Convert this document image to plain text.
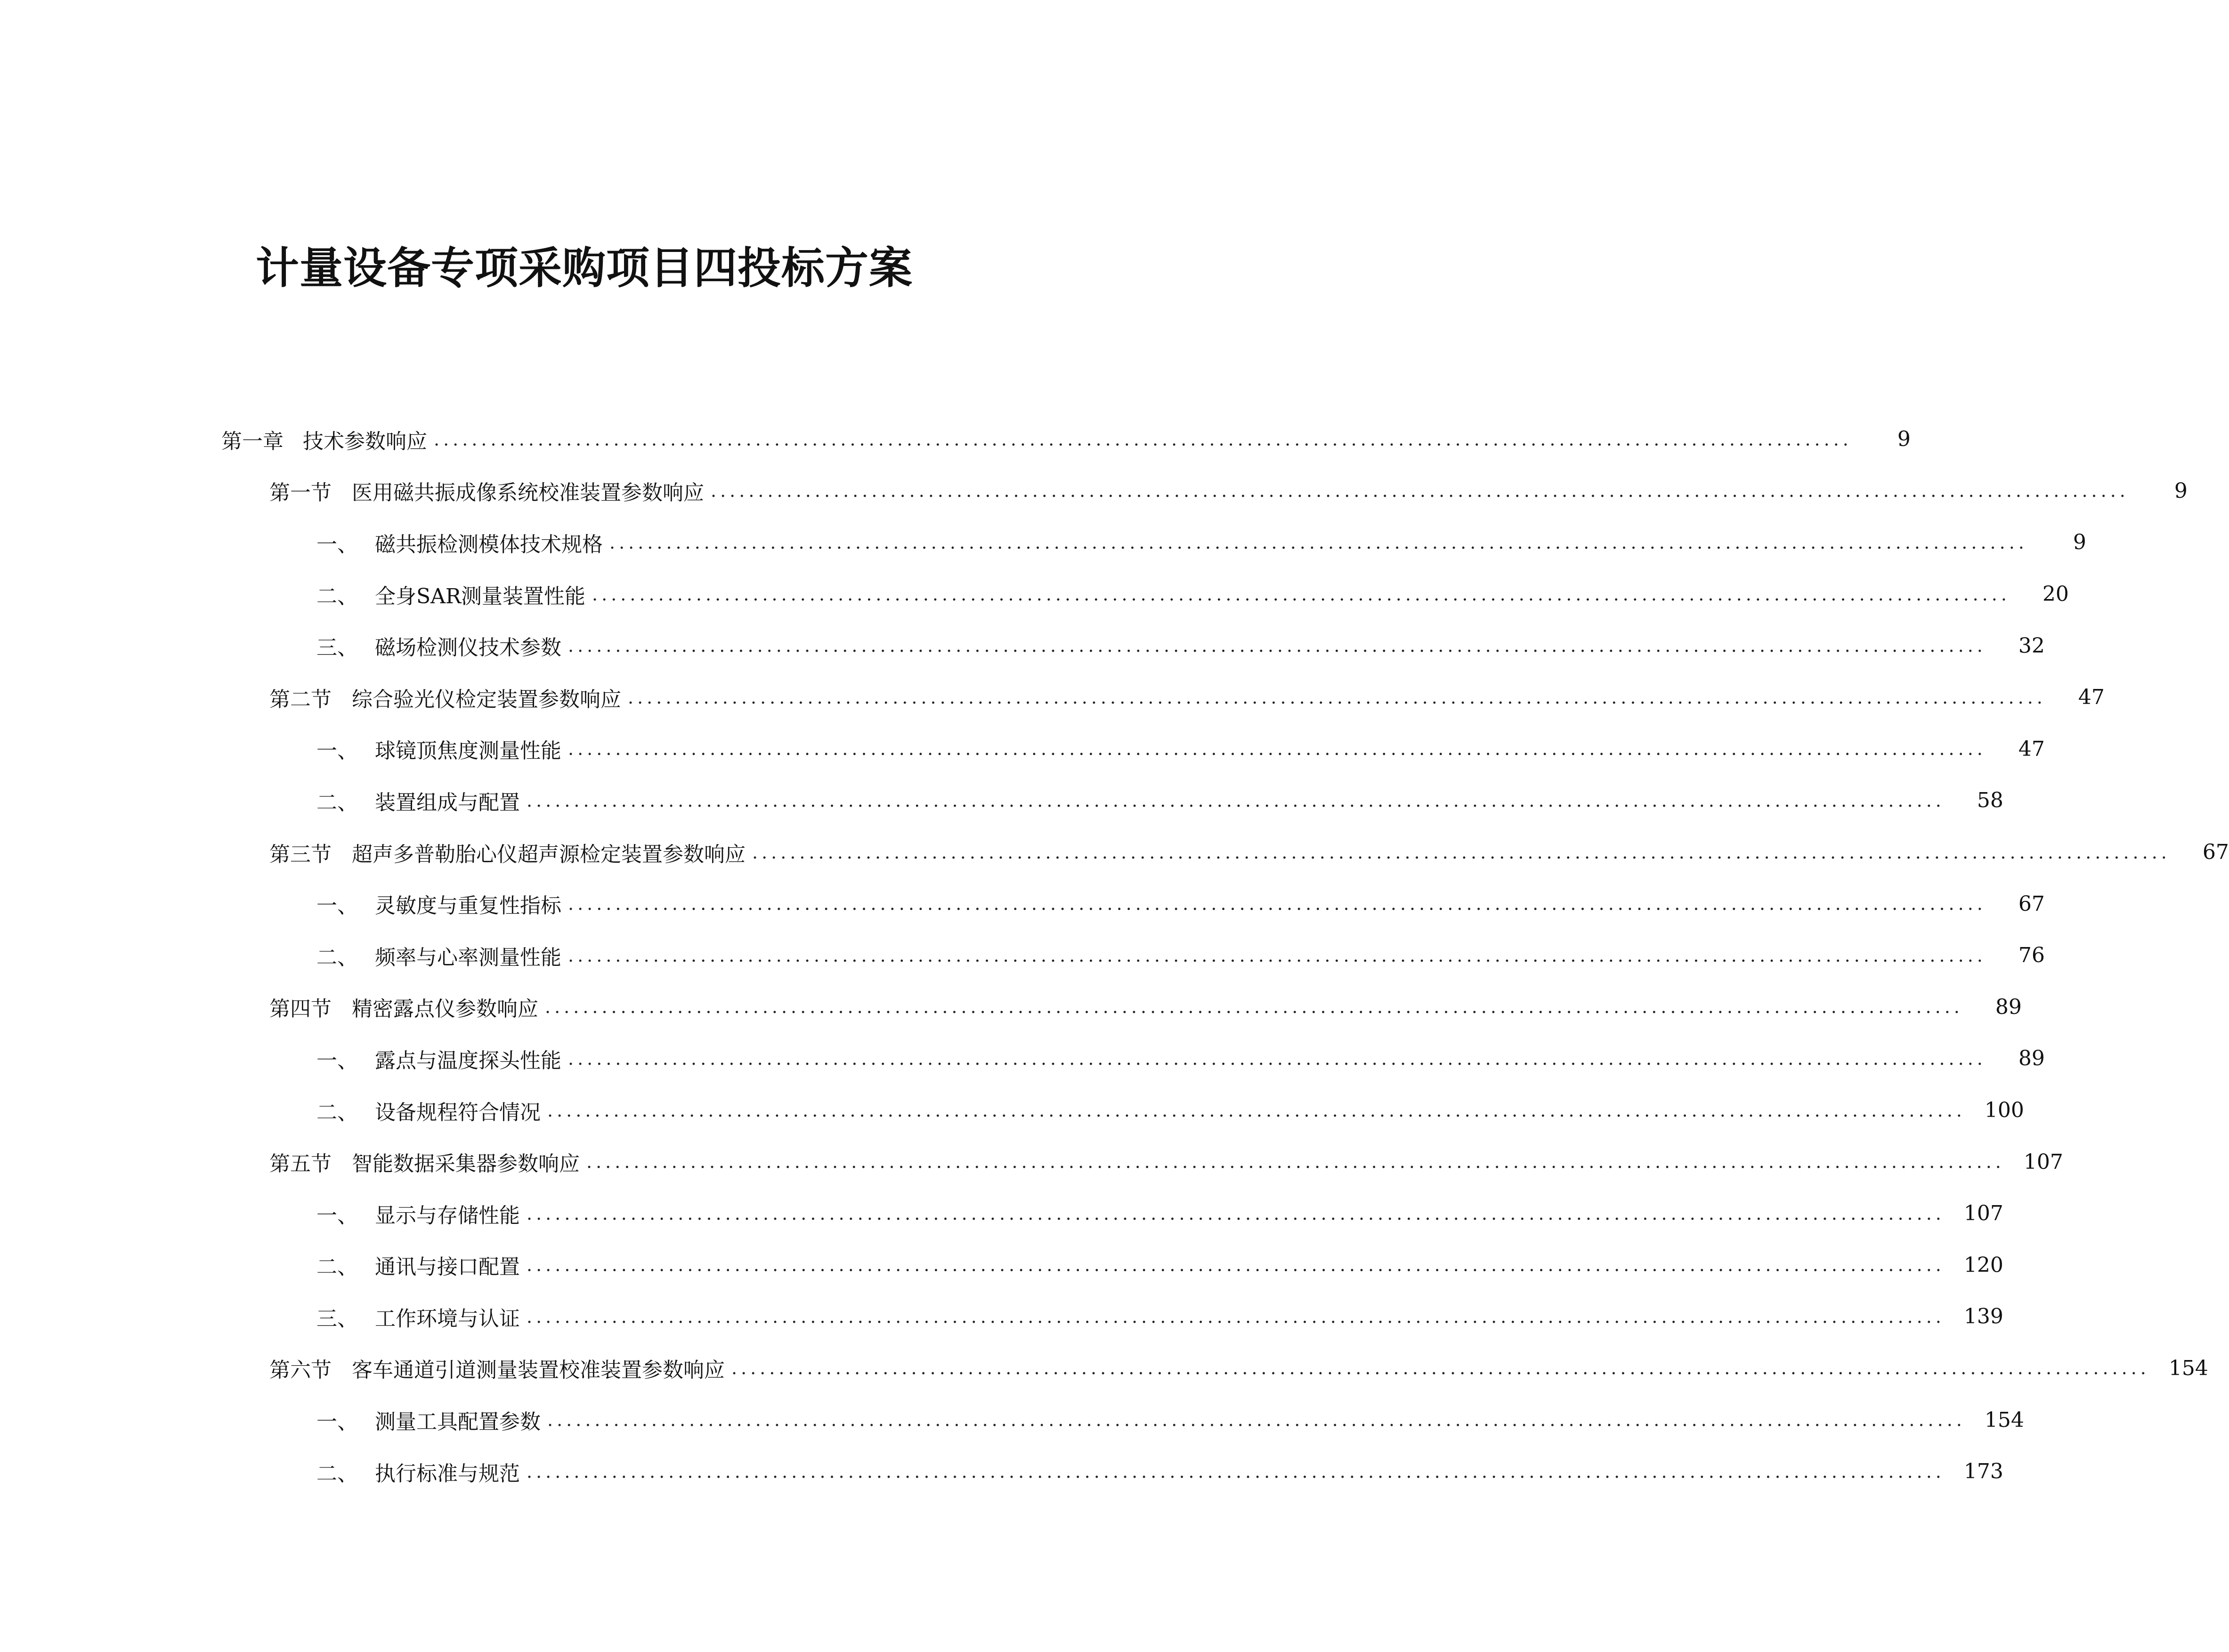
计量设备专项采购项目四投标方案
第一章 技术参数响应 ......................................................................................................................................................	9
第一节 医用磁共振成像系统校准装置参数响应 ......................................................................................................................................................	9
一、 磁共振检测模体技术规格 ......................................................................................................................................................	9
二、 全身SAR测量装置性能 ......................................................................................................................................................	20
三、 磁场检测仪技术参数 ......................................................................................................................................................	32
第二节 综合验光仪检定装置参数响应 ......................................................................................................................................................	47
一、 球镜顶焦度测量性能 ......................................................................................................................................................	47
二、 装置组成与配置 ......................................................................................................................................................	58
第三节 超声多普勒胎心仪超声源检定装置参数响应 ......................................................................................................................................................	67
一、 灵敏度与重复性指标 ......................................................................................................................................................	67
二、 频率与心率测量性能 ......................................................................................................................................................	76
第四节 精密露点仪参数响应 ......................................................................................................................................................	89
一、 露点与温度探头性能 ......................................................................................................................................................	89
二、 设备规程符合情况 ...................................................................................................................................................... 100
第五节 智能数据采集器参数响应 ...................................................................................................................................................... 107
一、 显示与存储性能 ...................................................................................................................................................... 107
二、 通讯与接口配置 ...................................................................................................................................................... 120
三、 工作环境与认证 ...................................................................................................................................................... 139
第六节 客车通道引道测量装置校准装置参数响应 ...................................................................................................................................................... 154
一、 测量工具配置参数 ...................................................................................................................................................... 154
二、 执行标准与规范 ...................................................................................................................................................... 173
